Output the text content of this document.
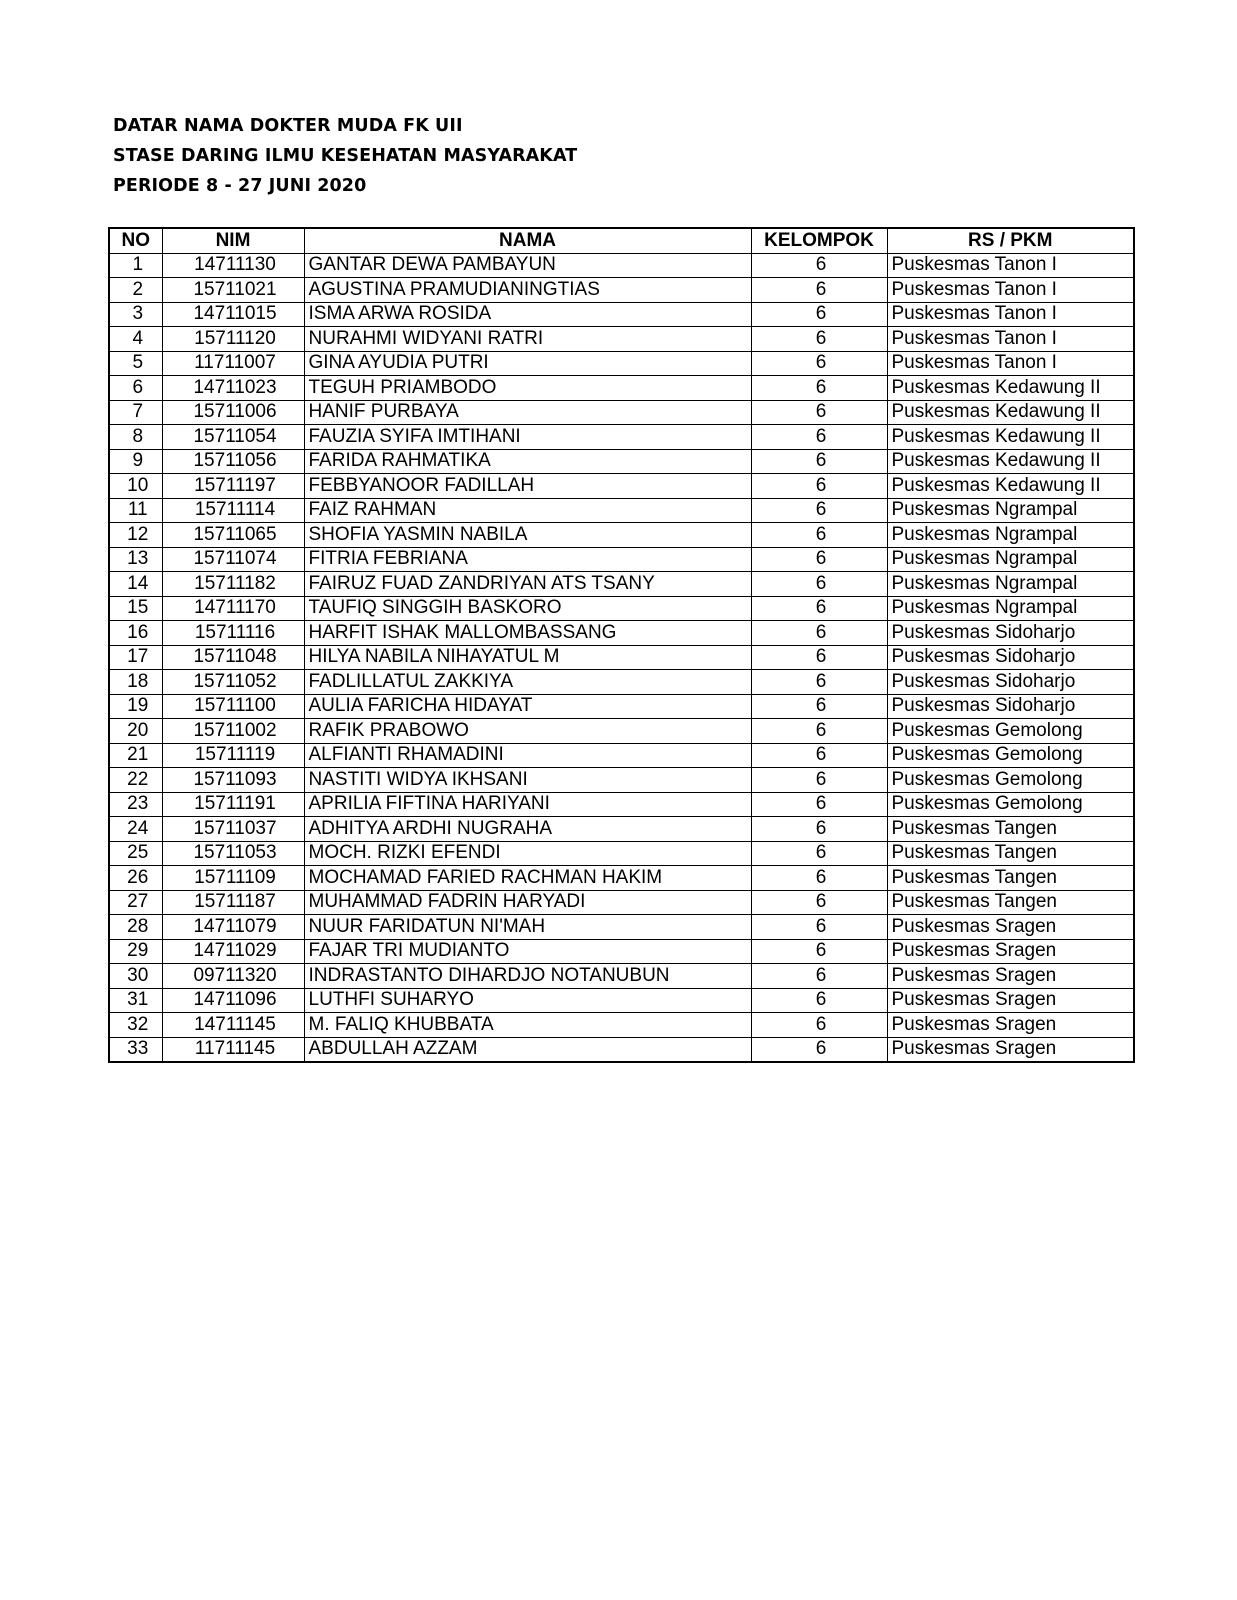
DATAR NAMA DOKTER MUDA FK UII
STASE DARING ILMU KESEHATAN MASYARAKAT
PERIODE 8 - 27 JUNI 2020
NO	NIM	NAMA	KELOMPOK	RS / PKM
1	14711130	GANTAR DEWA PAMBAYUN	6	Puskesmas Tanon I
2	15711021	AGUSTINA PRAMUDIANINGTIAS	6	Puskesmas Tanon I
3	14711015	ISMA ARWA ROSIDA	6	Puskesmas Tanon I
4	15711120	NURAHMI WIDYANI RATRI	6	Puskesmas Tanon I
5	11711007	GINA AYUDIA PUTRI	6	Puskesmas Tanon I
6	14711023	TEGUH PRIAMBODO	6	Puskesmas Kedawung II
7	15711006	HANIF PURBAYA	6	Puskesmas Kedawung II
8	15711054	FAUZIA SYIFA IMTIHANI	6	Puskesmas Kedawung II
9	15711056	FARIDA RAHMATIKA	6	Puskesmas Kedawung II
10	15711197	FEBBYANOOR FADILLAH	6	Puskesmas Kedawung II
11	15711114	FAIZ RAHMAN	6	Puskesmas Ngrampal
12	15711065	SHOFIA YASMIN NABILA	6	Puskesmas Ngrampal
13	15711074	FITRIA FEBRIANA	6	Puskesmas Ngrampal
14	15711182	FAIRUZ FUAD ZANDRIYAN ATS TSANY	6	Puskesmas Ngrampal
15	14711170	TAUFIQ SINGGIH BASKORO	6	Puskesmas Ngrampal
16	15711116	HARFIT ISHAK MALLOMBASSANG	6	Puskesmas Sidoharjo
17	15711048	HILYA NABILA NIHAYATUL M	6	Puskesmas Sidoharjo
18	15711052	FADLILLATUL ZAKKIYA	6	Puskesmas Sidoharjo
19	15711100	AULIA FARICHA HIDAYAT	6	Puskesmas Sidoharjo
20	15711002	RAFIK PRABOWO	6	Puskesmas Gemolong
21	15711119	ALFIANTI RHAMADINI	6	Puskesmas Gemolong
22	15711093	NASTITI WIDYA IKHSANI	6	Puskesmas Gemolong
23	15711191	APRILIA FIFTINA HARIYANI	6	Puskesmas Gemolong
24	15711037	ADHITYA ARDHI NUGRAHA	6	Puskesmas Tangen
25	15711053	MOCH. RIZKI EFENDI	6	Puskesmas Tangen
26	15711109	MOCHAMAD FARIED RACHMAN HAKIM	6	Puskesmas Tangen
27	15711187	MUHAMMAD FADRIN HARYADI	6	Puskesmas Tangen
28	14711079	NUUR FARIDATUN NI'MAH	6	Puskesmas Sragen
29	14711029	FAJAR TRI MUDIANTO	6	Puskesmas Sragen
30	09711320	INDRASTANTO DIHARDJO NOTANUBUN	6	Puskesmas Sragen
31	14711096	LUTHFI SUHARYO	6	Puskesmas Sragen
32	14711145	M. FALIQ KHUBBATA	6	Puskesmas Sragen
33	11711145	ABDULLAH AZZAM	6	Puskesmas Sragen
